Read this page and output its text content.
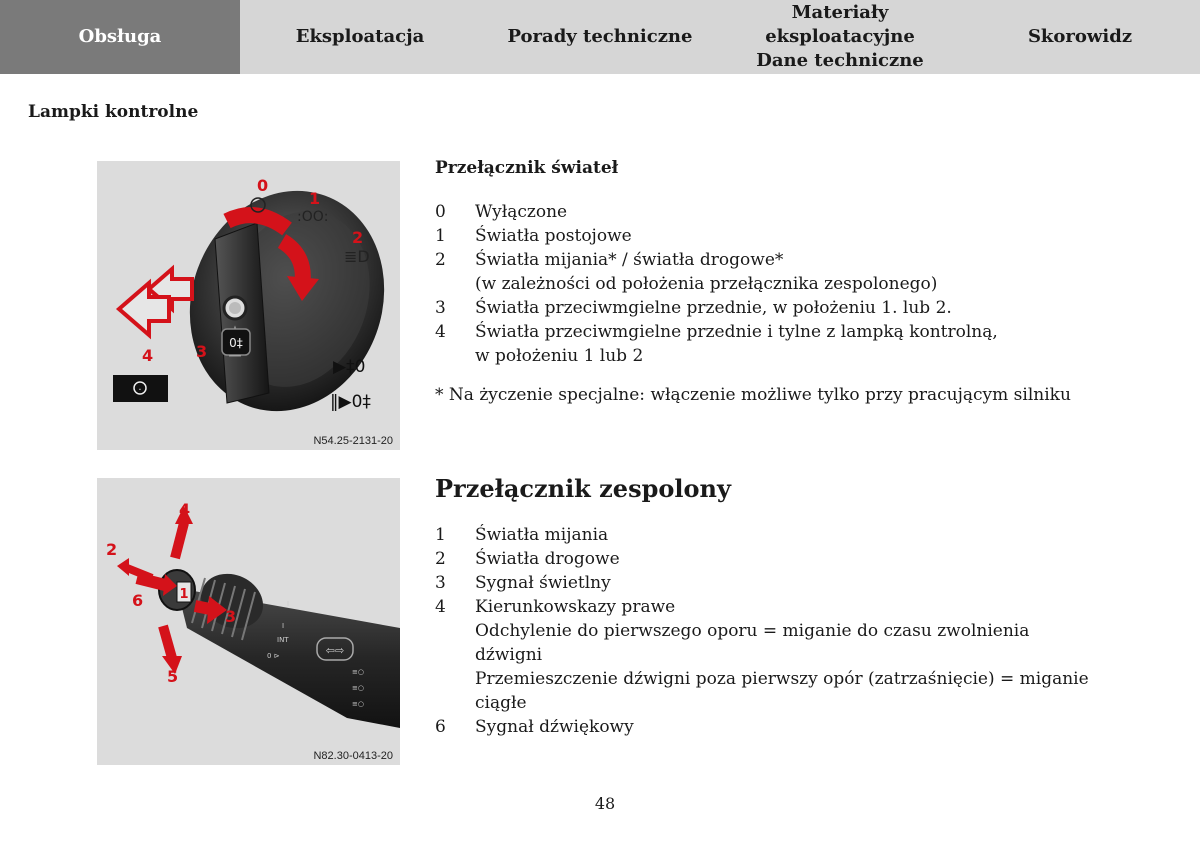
Obsługa	Eksploatacja	Porady techniczne
Materiały eksploatacyjne
Dane techniczne
Skorowidz
Lampki kontrolne
0‡
0
1
:ОО:
2
≣D
4	3
·
▶‡0
‖▶0‡
N54.25-2131-20
1
I
I
INT
0 ⊳
≡○
≡○
≡○
⇦⇨
4
2
6
3
5
N82.30-0413-20
Przełącznik świateł
0	Wyłączone
1	Światła postojowe
2	Światła mijania* / światła drogowe*
(w zależności od położenia przełącznika zespolonego)
3	Światła przeciwmgielne przednie, w położeniu 1. lub 2.
4	Światła przeciwmgielne przednie i tylne z lampką kontrolną,
w położeniu 1 lub 2
* Na życzenie specjalne: włączenie możliwe tylko przy pracującym silniku
Przełącznik zespolony
1	Światła mijania
2	Światła drogowe
3	Sygnał świetlny
4	Kierunkowskazy prawe
Odchylenie do pierwszego oporu = miganie do czasu zwolnienia
dźwigni
Przemieszczenie dźwigni poza pierwszy opór (zatrzaśnięcie) = miganie
ciągłe
6	Sygnał dźwiękowy
48
